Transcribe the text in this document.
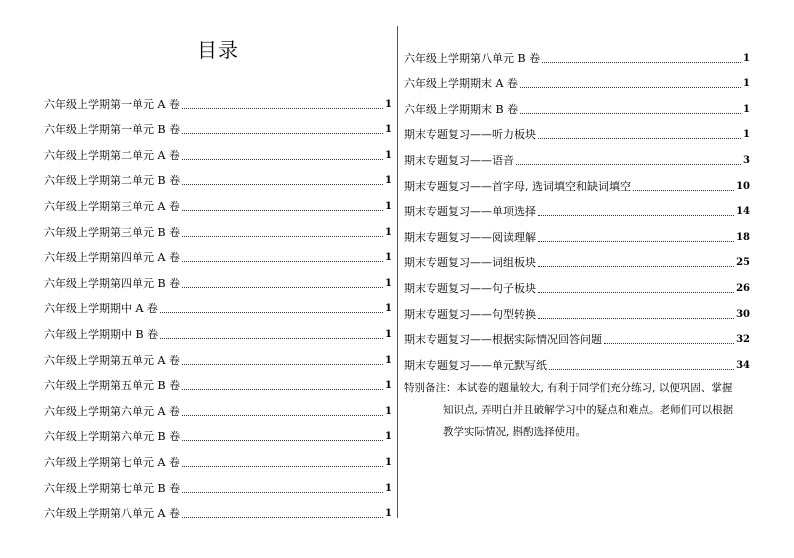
目录
六年级上学期第一单元 A 卷	1
六年级上学期第一单元 B 卷	1
六年级上学期第二单元 A 卷	1
六年级上学期第二单元 B 卷	1
六年级上学期第三单元 A 卷	1
六年级上学期第三单元 B 卷	1
六年级上学期第四单元 A 卷	1
六年级上学期第四单元 B 卷	1
六年级上学期期中 A 卷	1
六年级上学期期中 B 卷	1
六年级上学期第五单元 A 卷	1
六年级上学期第五单元 B 卷	1
六年级上学期第六单元 A 卷	1
六年级上学期第六单元 B 卷	1
六年级上学期第七单元 A 卷	1
六年级上学期第七单元 B 卷	1
六年级上学期第八单元 A 卷	1
六年级上学期第八单元 B 卷	1
六年级上学期期末 A 卷	1
六年级上学期期末 B 卷	1
期末专题复习——听力板块	1
期末专题复习——语音	3
期末专题复习——首字母, 选词填空和缺词填空	10
期末专题复习——单项选择	14
期末专题复习——阅读理解	18
期末专题复习——词组板块	25
期末专题复习——句子板块	26
期末专题复习——句型转换	30
期末专题复习——根据实际情况回答问题	32
期末专题复习——单元默写纸	34
特别备注：本试卷的题量较大, 有利于同学们充分练习, 以便巩固、掌握
知识点, 弄明白并且破解学习中的疑点和难点。老师们可以根据
教学实际情况, 斟酌选择使用。
